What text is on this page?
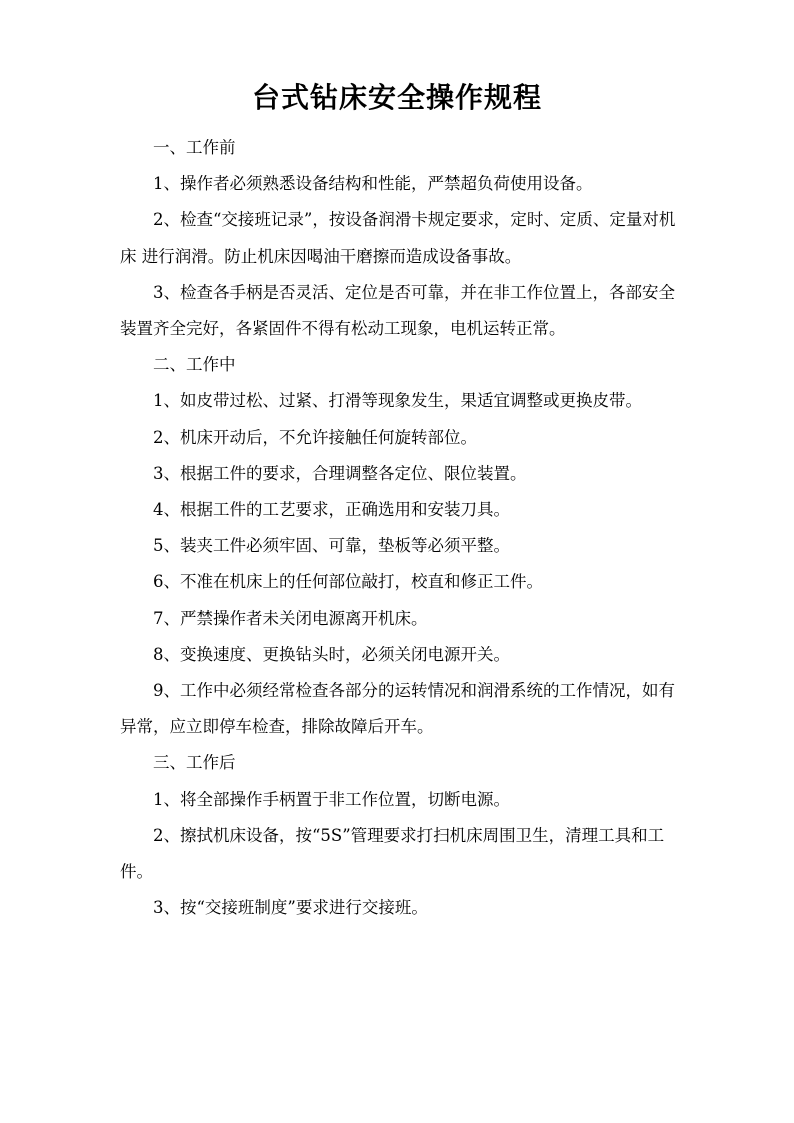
台式钻床安全操作规程

一、工作前

1、操作者必须熟悉设备结构和性能，严禁超负荷使用设备。

2、检查“交接班记录”，按设备润滑卡规定要求，定时、定质、定量对机床 进行润滑。防止机床因喝油干磨擦而造成设备事故。

3、检查各手柄是否灵活、定位是否可靠，并在非工作位置上，各部安全装置齐全完好，各紧固件不得有松动工现象，电机运转正常。

二、工作中

1、如皮带过松、过紧、打滑等现象发生，果适宜调整或更换皮带。

2、机床开动后，不允许接触任何旋转部位。

3、根据工件的要求，合理调整各定位、限位装置。

4、根据工件的工艺要求，正确选用和安装刀具。

5、装夹工件必须牢固、可靠，垫板等必须平整。

6、不准在机床上的任何部位敲打，校直和修正工件。

7、严禁操作者未关闭电源离开机床。

8、变换速度、更换钻头时，必须关闭电源开关。

9、工作中必须经常检查各部分的运转情况和润滑系统的工作情况，如有异常，应立即停车检查，排除故障后开车。

三、工作后

1、将全部操作手柄置于非工作位置，切断电源。

2、擦拭机床设备，按“5S”管理要求打扫机床周围卫生，清理工具和工件。

3、按“交接班制度”要求进行交接班。
